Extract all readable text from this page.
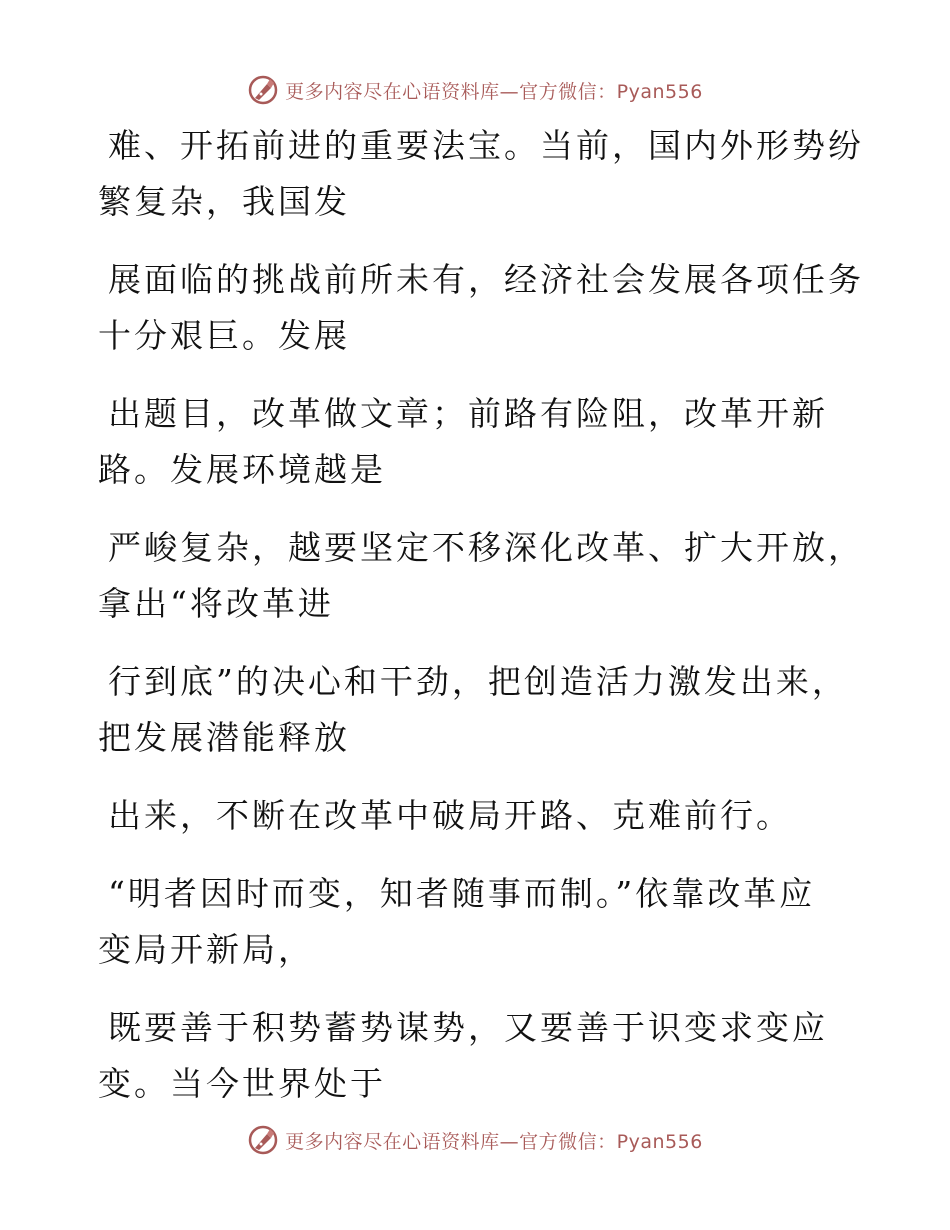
更多内容尽在心语资料库—官方微信：Pyan556
难、开拓前进的重要法宝。当前，国内外形势纷
繁复杂，我国发
展面临的挑战前所未有，经济社会发展各项任务
十分艰巨。发展
出题目，改革做文章；前路有险阻，改革开新
路。发展环境越是
严峻复杂，越要坚定不移深化改革、扩大开放，
拿出“将改革进
行到底”的决心和干劲，把创造活力激发出来，
把发展潜能释放
出来，不断在改革中破局开路、克难前行。
“明者因时而变，知者随事而制。”依靠改革应
变局开新局，
既要善于积势蓄势谋势，又要善于识变求变应
变。当今世界处于
更多内容尽在心语资料库—官方微信：Pyan556
